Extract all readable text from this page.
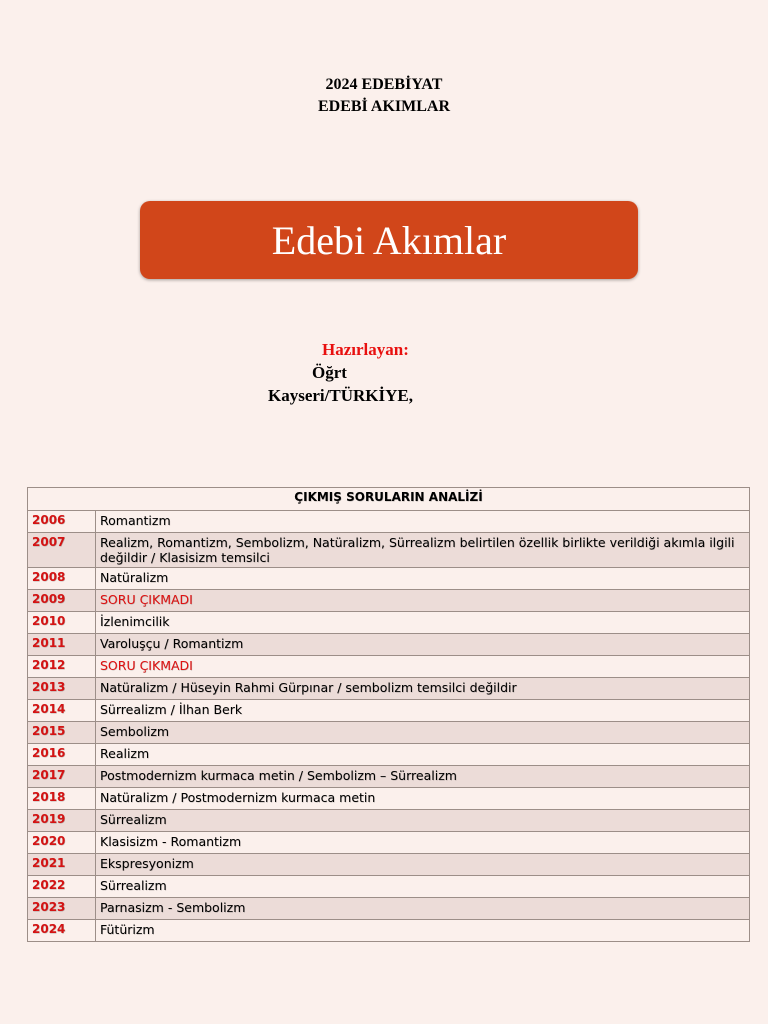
2024 EDEBİYAT
EDEBİ AKIMLAR
Edebi Akımlar
Hazırlayan:
Öğrt
Kayseri/TÜRKİYE,
ÇIKMIŞ SORULARIN ANALİZİ	
2006	Romantizm
2007	Realizm, Romantizm, Sembolizm, Natüralizm, Sürrealizm belirtilen özellik birlikte verildiği akımla ilgili değildir / Klasisizm temsilci
2008	Natüralizm
2009	SORU ÇIKMADI
2010	İzlenimcilik
2011	Varoluşçu / Romantizm
2012	SORU ÇIKMADI
2013	Natüralizm / Hüseyin Rahmi Gürpınar / sembolizm temsilci değildir
2014	Sürrealizm / İlhan Berk
2015	Sembolizm
2016	Realizm
2017	Postmodernizm kurmaca metin / Sembolizm – Sürrealizm
2018	Natüralizm / Postmodernizm kurmaca metin
2019	Sürrealizm
2020	Klasisizm - Romantizm
2021	Ekspresyonizm
2022	Sürrealizm
2023	Parnasizm - Sembolizm
2024	Fütürizm
